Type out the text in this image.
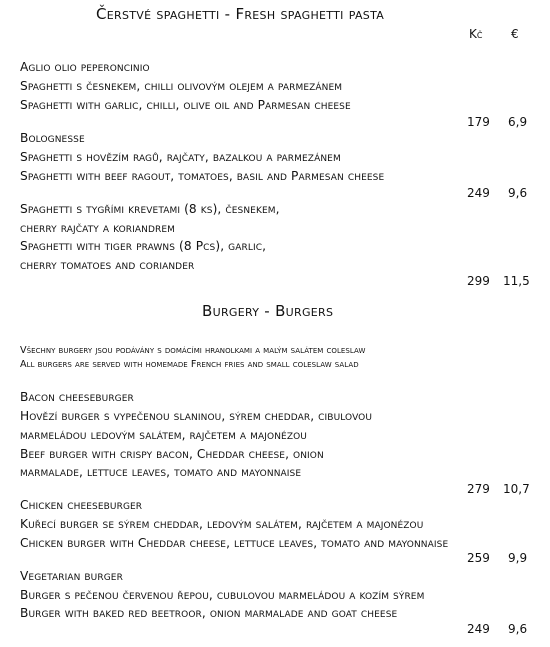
Čerstvé spaghetti - Fresh spaghetti pasta
Kč €
Aglio olio peperoncinio
Spaghetti s česnekem, chilli olivovým olejem a parmezánem
Spaghetti with garlic, chilli, olive oil and Parmesan cheese
179 6,9
Bolognesse
Spaghetti s hovězím ragů, rajčaty, bazalkou a parmezánem
Spaghetti with beef ragout, tomatoes, basil and Parmesan cheese
249 9,6
Spaghetti s tygřími krevetami (8 ks), česnekem,
cherry rajčaty a koriandrem
Spaghetti with tiger prawns (8 Pcs), garlic,
cherry tomatoes and coriander
299 11,5
Burgery - Burgers
Všechny burgery jsou podávány s domácími hranolkami a malým salátem coleslaw
All burgers are served with homemade French fries and small coleslaw salad
Bacon cheeseburger
Hovězí burger s vypečenou slaninou, sýrem cheddar, cibulovou
marmeládou ledovým salátem, rajčetem a majonézou
Beef burger with crispy bacon, Cheddar cheese, onion
marmalade, lettuce leaves, tomato and mayonnaise
279 10,7
Chicken cheeseburger
Kuřecí burger se sýrem cheddar, ledovým salátem, rajčetem a majonézou
Chicken burger with Cheddar cheese, lettuce leaves, tomato and mayonnaise
259 9,9
Vegetarian burger
Burger s pečenou červenou řepou, cubulovou marmeládou a kozím sýrem
Burger with baked red beetroor, onion marmalade and goat cheese
249 9,6
